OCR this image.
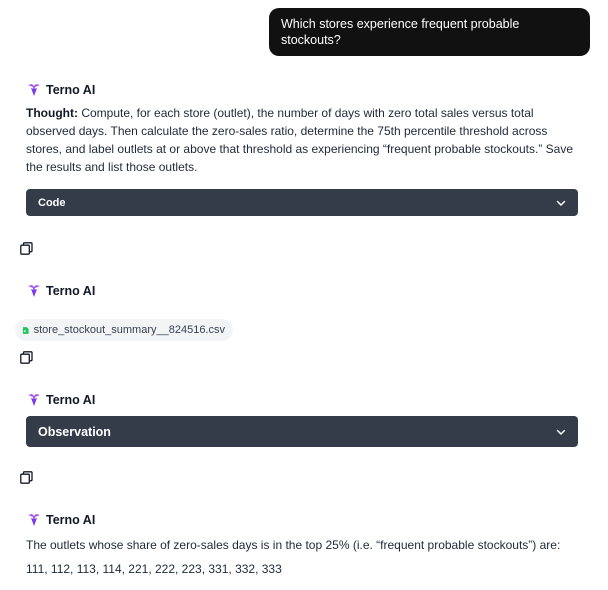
Which stores experience frequent probable stockouts?
Terno AI
Thought: Compute, for each store (outlet), the number of days with zero total sales versus total observed days. Then calculate the zero-sales ratio, determine the 75th percentile threshold across stores, and label outlets at or above that threshold as experiencing “frequent probable stockouts.” Save the results and list those outlets.
Code
Terno AI
store_stockout_summary__824516.csv
Terno AI
Observation
Terno AI

The outlets whose share of zero-sales days is in the top 25% (i.e. “frequent probable stockouts”) are:

111, 112, 113, 114, 221, 222, 223, 331, 332, 333
